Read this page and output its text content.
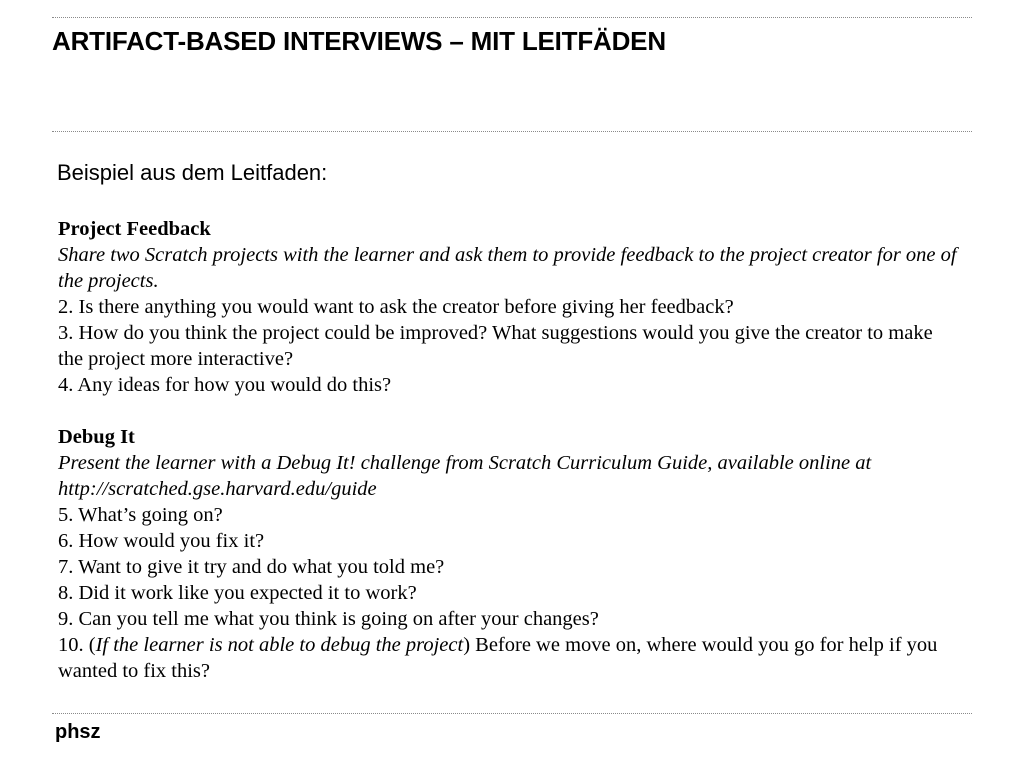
ARTIFACT-BASED INTERVIEWS – MIT LEITFÄDEN

Beispiel aus dem Leitfaden:

Project Feedback

Share two Scratch projects with the learner and ask them to provide feedback to the project creator for one of the projects.

2. Is there anything you would want to ask the creator before giving her feedback?

3. How do you think the project could be improved? What suggestions would you give the creator to make the project more interactive?

4. Any ideas for how you would do this?

Debug It

Present the learner with a Debug It! challenge from Scratch Curriculum Guide, available online at http://scratched.gse.harvard.edu/guide

5. What’s going on?

6. How would you fix it?

7. Want to give it try and do what you told me?

8. Did it work like you expected it to work?

9. Can you tell me what you think is going on after your changes?

10. (If the learner is not able to debug the project) Before we move on, where would you go for help if you wanted to fix this?

phsz
